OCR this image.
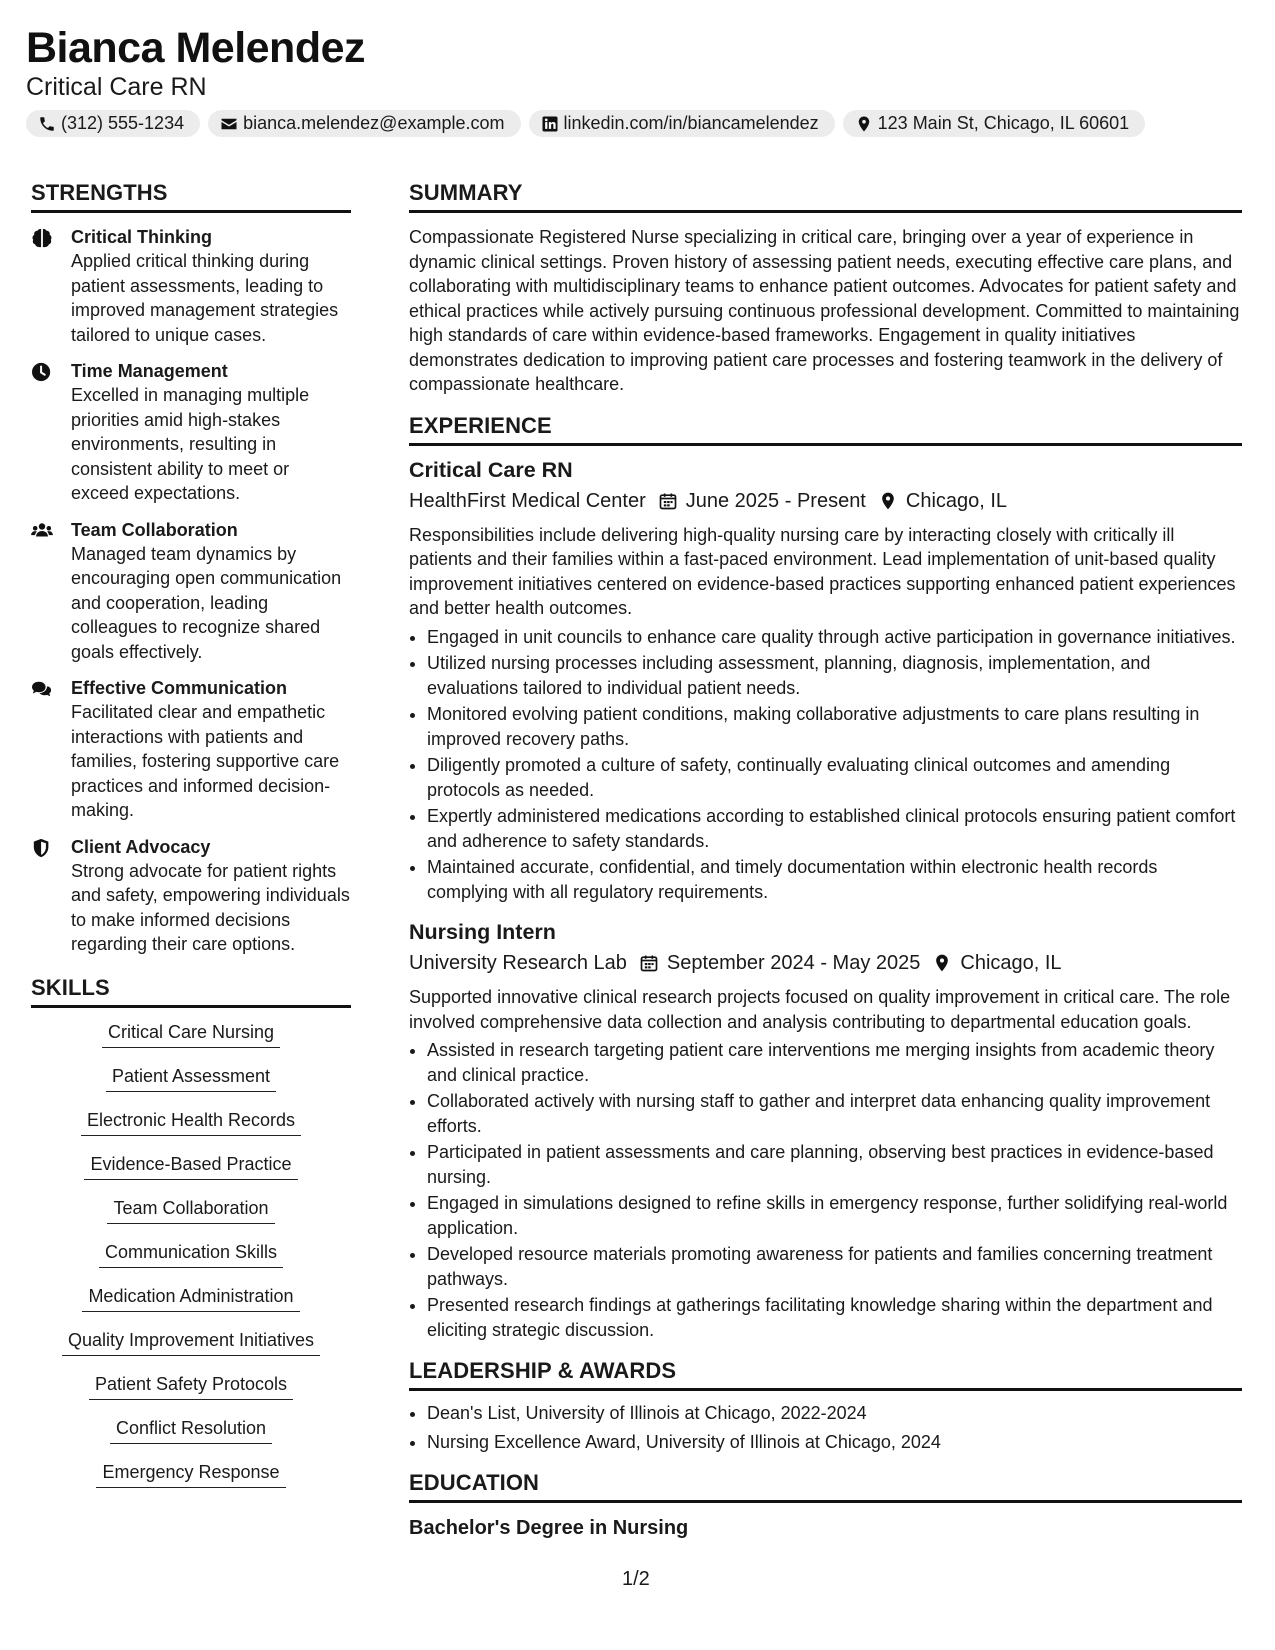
Bianca Melendez
Critical Care RN
(312) 555-1234	bianca.melendez@example.com	linkedin.com/in/biancamelendez	123 Main St, Chicago, IL 60601
STRENGTHS
Critical Thinking
Applied critical thinking during patient assessments, leading to improved management strategies tailored to unique cases.
Time Management
Excelled in managing multiple priorities amid high-stakes environments, resulting in consistent ability to meet or exceed expectations.
Team Collaboration
Managed team dynamics by encouraging open communication and cooperation, leading colleagues to recognize shared goals effectively.
Effective Communication
Facilitated clear and empathetic interactions with patients and families, fostering supportive care practices and informed decision-making.
Client Advocacy
Strong advocate for patient rights and safety, empowering individuals to make informed decisions regarding their care options.
SKILLS
Critical Care Nursing
Patient Assessment
Electronic Health Records
Evidence-Based Practice
Team Collaboration
Communication Skills
Medication Administration
Quality Improvement Initiatives
Patient Safety Protocols
Conflict Resolution
Emergency Response
SUMMARY
Compassionate Registered Nurse specializing in critical care, bringing over a year of experience in dynamic clinical settings. Proven history of assessing patient needs, executing effective care plans, and collaborating with multidisciplinary teams to enhance patient outcomes. Advocates for patient safety and ethical practices while actively pursuing continuous professional development. Committed to maintaining high standards of care within evidence-based frameworks. Engagement in quality initiatives demonstrates dedication to improving patient care processes and fostering teamwork in the delivery of compassionate healthcare.
EXPERIENCE
Critical Care RN
HealthFirst Medical Center June 2025 - Present Chicago, IL
Responsibilities include delivering high-quality nursing care by interacting closely with critically ill patients and their families within a fast-paced environment. Lead implementation of unit-based quality improvement initiatives centered on evidence-based practices supporting enhanced patient experiences and better health outcomes.
• Engaged in unit councils to enhance care quality through active participation in governance initiatives.
• Utilized nursing processes including assessment, planning, diagnosis, implementation, and evaluations tailored to individual patient needs.
• Monitored evolving patient conditions, making collaborative adjustments to care plans resulting in improved recovery paths.
• Diligently promoted a culture of safety, continually evaluating clinical outcomes and amending protocols as needed.
• Expertly administered medications according to established clinical protocols ensuring patient comfort and adherence to safety standards.
• Maintained accurate, confidential, and timely documentation within electronic health records complying with all regulatory requirements.
Nursing Intern
University Research Lab September 2024 - May 2025 Chicago, IL
Supported innovative clinical research projects focused on quality improvement in critical care. The role involved comprehensive data collection and analysis contributing to departmental education goals.
• Assisted in research targeting patient care interventions me merging insights from academic theory and clinical practice.
• Collaborated actively with nursing staff to gather and interpret data enhancing quality improvement efforts.
• Participated in patient assessments and care planning, observing best practices in evidence-based nursing.
• Engaged in simulations designed to refine skills in emergency response, further solidifying real-world application.
• Developed resource materials promoting awareness for patients and families concerning treatment pathways.
• Presented research findings at gatherings facilitating knowledge sharing within the department and eliciting strategic discussion.
LEADERSHIP & AWARDS
• Dean's List, University of Illinois at Chicago, 2022-2024
• Nursing Excellence Award, University of Illinois at Chicago, 2024
EDUCATION
Bachelor's Degree in Nursing
1/2
